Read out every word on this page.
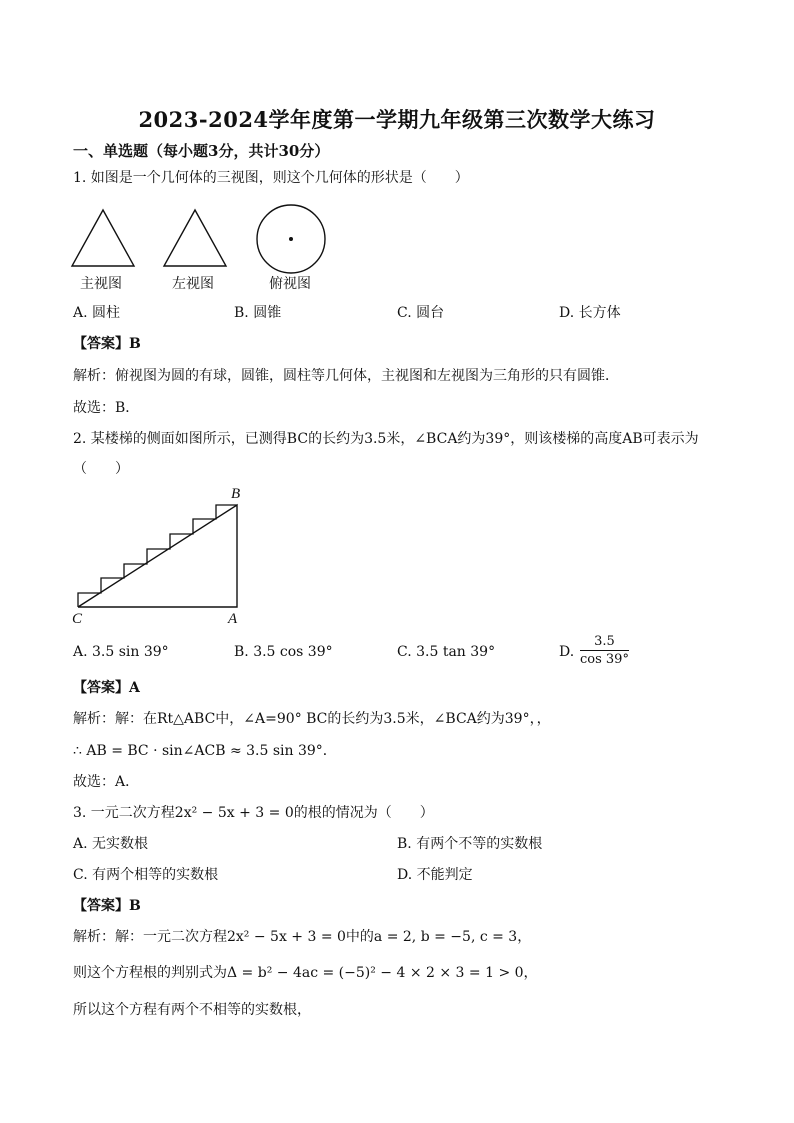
2023-2024学年度第一学期九年级第三次数学大练习
一、单选题（每小题3分，共计30分）
1. 如图是一个几何体的三视图，则这个几何体的形状是（　　）
主视图	左视图	俯视图
A. 圆柱	B. 圆锥	C. 圆台	D. 长方体
【答案】B
解析：俯视图为圆的有球，圆锥，圆柱等几何体，主视图和左视图为三角形的只有圆锥．
故选：B．
2. 某楼梯的侧面如图所示，已测得BC的长约为3.5米，∠BCA约为39°，则该楼梯的高度AB可表示为
（　　）
B
C	A
A. 3.5 sin 39°	B. 3.5 cos 39°	C. 3.5 tan 39°	D. $\frac{3.5}{\cos 39^\circ}$
【答案】A
解析：解：在Rt△ABC中，∠A=90° BC的长约为3.5米，∠BCA约为39°，，
∴ AB = BC · sin∠ACB ≈ 3.5 sin 39°．
故选：A．
3. 一元二次方程2x² − 5x + 3 = 0的根的情况为（　　）
A. 无实数根	B. 有两个不等的实数根
C. 有两个相等的实数根	D. 不能判定
【答案】B
解析：解：一元二次方程2x² − 5x + 3 = 0中的a = 2, b = −5, c = 3，
则这个方程根的判别式为Δ = b² − 4ac = (−5)² − 4 × 2 × 3 = 1 > 0，
所以这个方程有两个不相等的实数根，
